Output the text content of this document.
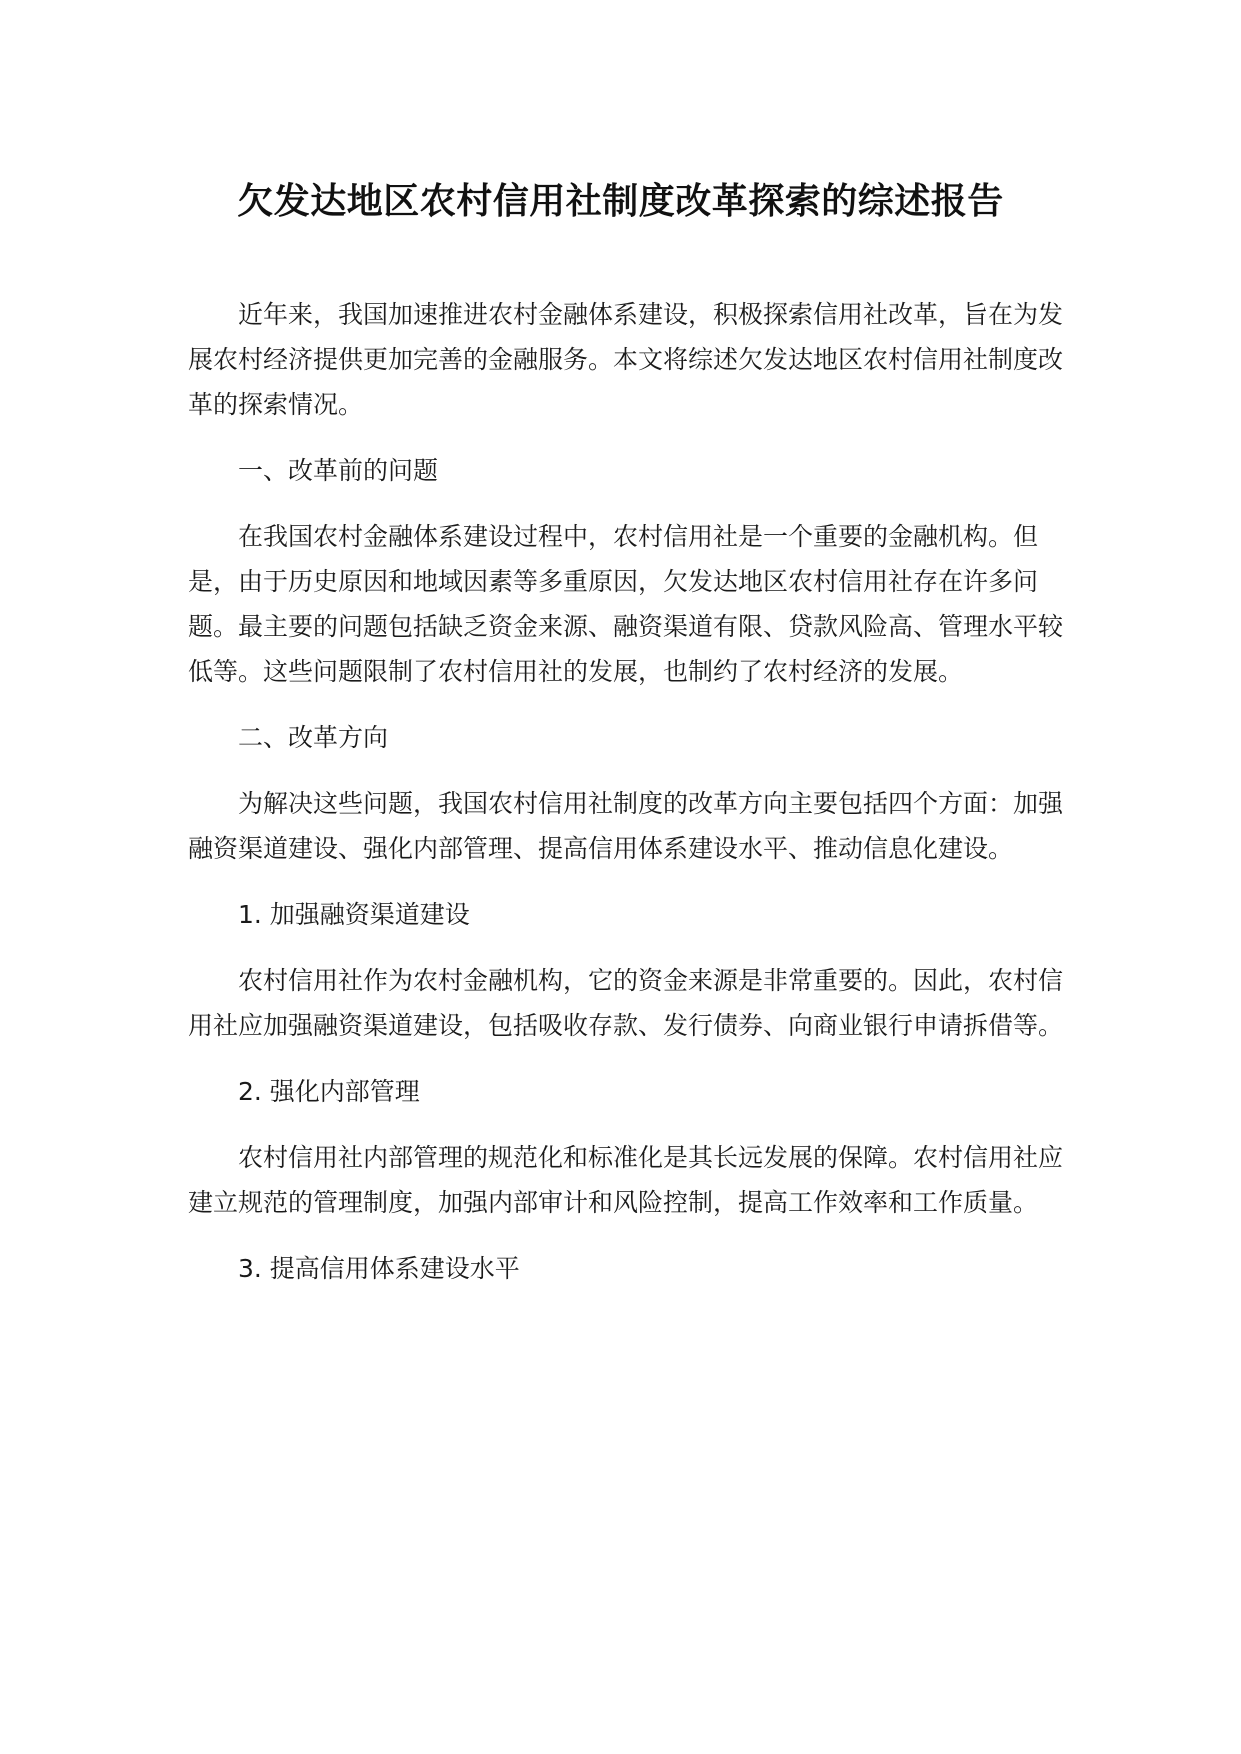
欠发达地区农村信用社制度改革探索的综述报告

近年来，我国加速推进农村金融体系建设，积极探索信用社改革，旨在为发展农村经济提供更加完善的金融服务。本文将综述欠发达地区农村信用社制度改革的探索情况。

一、改革前的问题

在我国农村金融体系建设过程中，农村信用社是一个重要的金融机构。但是，由于历史原因和地域因素等多重原因，欠发达地区农村信用社存在许多问题。最主要的问题包括缺乏资金来源、融资渠道有限、贷款风险高、管理水平较低等。这些问题限制了农村信用社的发展，也制约了农村经济的发展。

二、改革方向

为解决这些问题，我国农村信用社制度的改革方向主要包括四个方面：加强融资渠道建设、强化内部管理、提高信用体系建设水平、推动信息化建设。

1. 加强融资渠道建设

农村信用社作为农村金融机构，它的资金来源是非常重要的。因此，农村信用社应加强融资渠道建设，包括吸收存款、发行债券、向商业银行申请拆借等。

2. 强化内部管理

农村信用社内部管理的规范化和标准化是其长远发展的保障。农村信用社应建立规范的管理制度，加强内部审计和风险控制，提高工作效率和工作质量。

3. 提高信用体系建设水平
